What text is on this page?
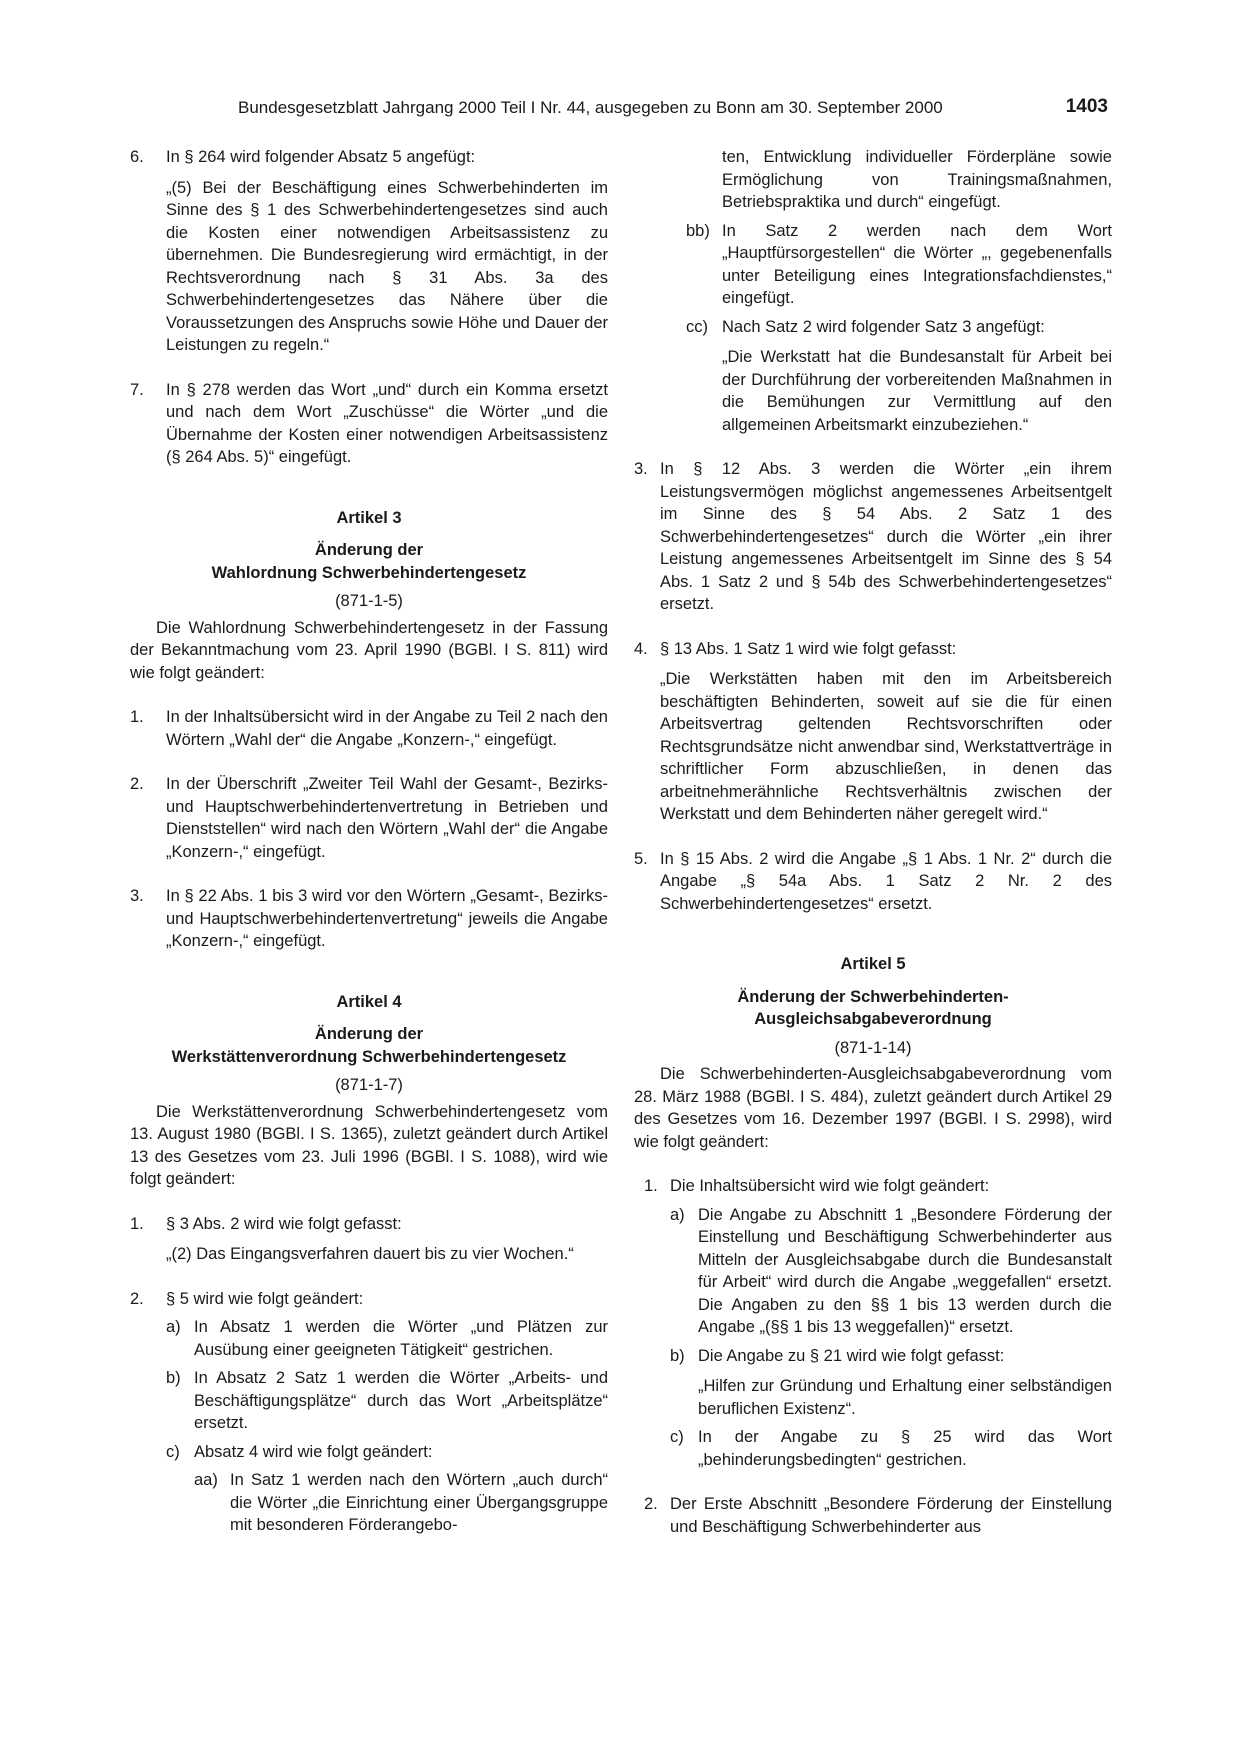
Bundesgesetzblatt Jahrgang 2000 Teil I Nr. 44, ausgegeben zu Bonn am 30. September 2000	1403
6. In § 264 wird folgender Absatz 5 angefügt:

„(5) Bei der Beschäftigung eines Schwerbehinderten im Sinne des § 1 des Schwerbehindertengesetzes sind auch die Kosten einer notwendigen Arbeitsassistenz zu übernehmen. Die Bundesregierung wird ermächtigt, in der Rechtsverordnung nach § 31 Abs. 3a des Schwerbehindertengesetzes das Nähere über die Voraussetzungen des Anspruchs sowie Höhe und Dauer der Leistungen zu regeln.“

7. In § 278 werden das Wort „und“ durch ein Komma ersetzt und nach dem Wort „Zuschüsse“ die Wörter „und die Übernahme der Kosten einer notwendigen Arbeitsassistenz (§ 264 Abs. 5)“ eingefügt.

Artikel 3

Änderung der

Wahlordnung Schwerbehindertengesetz

(871-1-5)

Die Wahlordnung Schwerbehindertengesetz in der Fassung der Bekanntmachung vom 23. April 1990 (BGBl. I S. 811) wird wie folgt geändert:

1. In der Inhaltsübersicht wird in der Angabe zu Teil 2 nach den Wörtern „Wahl der“ die Angabe „Konzern-,“ eingefügt.

2. In der Überschrift „Zweiter Teil Wahl der Gesamt-, Bezirks- und Hauptschwerbehindertenvertretung in Betrieben und Dienststellen“ wird nach den Wörtern „Wahl der“ die Angabe „Konzern-,“ eingefügt.

3. In § 22 Abs. 1 bis 3 wird vor den Wörtern „Gesamt-, Bezirks- und Hauptschwerbehindertenvertretung“ jeweils die Angabe „Konzern-,“ eingefügt.

Artikel 4

Änderung der

Werkstättenverordnung Schwerbehindertengesetz

(871-1-7)

Die Werkstättenverordnung Schwerbehindertengesetz vom 13. August 1980 (BGBl. I S. 1365), zuletzt geändert durch Artikel 13 des Gesetzes vom 23. Juli 1996 (BGBl. I S. 1088), wird wie folgt geändert:

1. § 3 Abs. 2 wird wie folgt gefasst:

„(2) Das Eingangsverfahren dauert bis zu vier Wochen.“

2. § 5 wird wie folgt geändert:

a) In Absatz 1 werden die Wörter „und Plätzen zur Ausübung einer geeigneten Tätigkeit“ gestrichen.

b) In Absatz 2 Satz 1 werden die Wörter „Arbeits- und Beschäftigungsplätze“ durch das Wort „Arbeitsplätze“ ersetzt.

c) Absatz 4 wird wie folgt geändert:

aa) In Satz 1 werden nach den Wörtern „auch durch“ die Wörter „die Einrichtung einer Übergangsgruppe mit besonderen Förderangebo-

ten, Entwicklung individueller Förderpläne sowie Ermöglichung von Trainingsmaßnahmen, Betriebspraktika und durch“ eingefügt.

bb) In Satz 2 werden nach dem Wort „Hauptfürsorgestellen“ die Wörter „, gegebenenfalls unter Beteiligung eines Integrationsfachdienstes,“ eingefügt.

cc) Nach Satz 2 wird folgender Satz 3 angefügt:

„Die Werkstatt hat die Bundesanstalt für Arbeit bei der Durchführung der vorbereitenden Maßnahmen in die Bemühungen zur Vermittlung auf den allgemeinen Arbeitsmarkt einzubeziehen.“

3. In § 12 Abs. 3 werden die Wörter „ein ihrem Leistungsvermögen möglichst angemessenes Arbeitsentgelt im Sinne des § 54 Abs. 2 Satz 1 des Schwerbehindertengesetzes“ durch die Wörter „ein ihrer Leistung angemessenes Arbeitsentgelt im Sinne des § 54 Abs. 1 Satz 2 und § 54b des Schwerbehindertengesetzes“ ersetzt.

4. § 13 Abs. 1 Satz 1 wird wie folgt gefasst:

„Die Werkstätten haben mit den im Arbeitsbereich beschäftigten Behinderten, soweit auf sie die für einen Arbeitsvertrag geltenden Rechtsvorschriften oder Rechtsgrundsätze nicht anwendbar sind, Werkstattverträge in schriftlicher Form abzuschließen, in denen das arbeitnehmerähnliche Rechtsverhältnis zwischen der Werkstatt und dem Behinderten näher geregelt wird.“

5. In § 15 Abs. 2 wird die Angabe „§ 1 Abs. 1 Nr. 2“ durch die Angabe „§ 54a Abs. 1 Satz 2 Nr. 2 des Schwerbehindertengesetzes“ ersetzt.

Artikel 5

Änderung der Schwerbehinderten-

Ausgleichsabgabeverordnung

(871-1-14)

Die Schwerbehinderten-Ausgleichsabgabeverordnung vom 28. März 1988 (BGBl. I S. 484), zuletzt geändert durch Artikel 29 des Gesetzes vom 16. Dezember 1997 (BGBl. I S. 2998), wird wie folgt geändert:

1. Die Inhaltsübersicht wird wie folgt geändert:

a) Die Angabe zu Abschnitt 1 „Besondere Förderung der Einstellung und Beschäftigung Schwerbehinderter aus Mitteln der Ausgleichsabgabe durch die Bundesanstalt für Arbeit“ wird durch die Angabe „weggefallen“ ersetzt. Die Angaben zu den §§ 1 bis 13 werden durch die Angabe „(§§ 1 bis 13 weggefallen)“ ersetzt.

b) Die Angabe zu § 21 wird wie folgt gefasst:

„Hilfen zur Gründung und Erhaltung einer selbständigen beruflichen Existenz“.

c) In der Angabe zu § 25 wird das Wort „behinderungsbedingten“ gestrichen.

2. Der Erste Abschnitt „Besondere Förderung der Einstellung und Beschäftigung Schwerbehinderter aus
